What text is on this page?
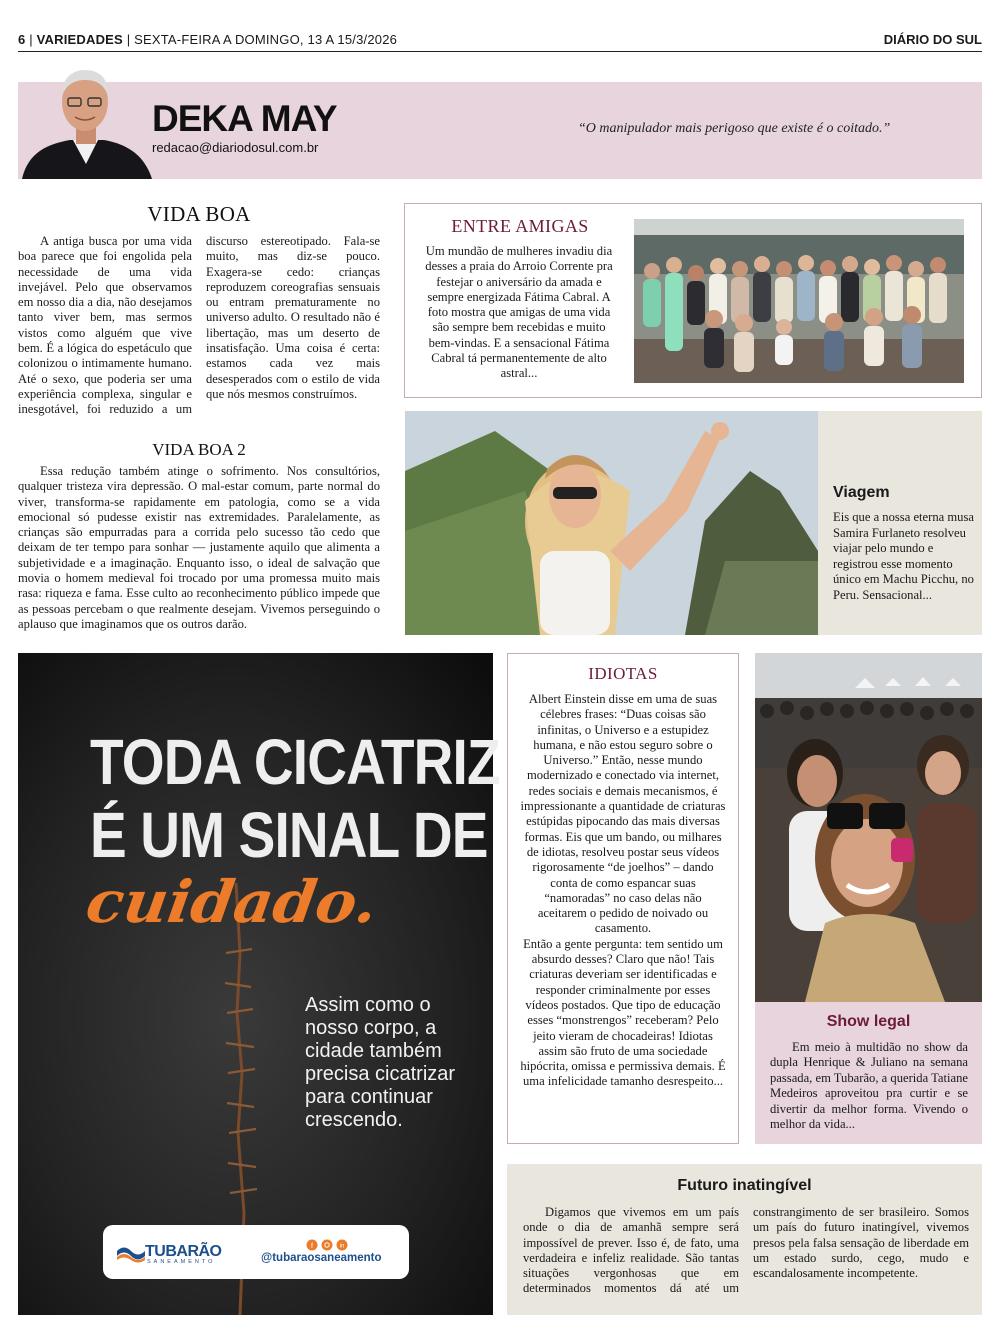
6 | VARIEDADES | SEXTA-FEIRA A DOMINGO, 13 A 15/3/2026	DIÁRIO DO SUL
DEKA MAY
redacao@diariodosul.com.br
“O manipulador mais perigoso que existe é o coitado.”
VIDA BOA
A antiga busca por uma vida boa parece que foi engolida pela necessidade de uma vida invejável. Pelo que observamos em nosso dia a dia, não desejamos tanto viver bem, mas sermos vistos como alguém que vive bem. É a lógica do espetáculo que colonizou o intimamente humano. Até o sexo, que poderia ser uma experiência complexa, singular e inesgotável, foi reduzido a um discurso estereotipado. Fala-se muito, mas diz-se pouco. Exagera-se cedo: crianças reproduzem coreografias sensuais ou entram prematuramente no universo adulto. O resultado não é libertação, mas um deserto de insatisfação. Uma coisa é certa: estamos cada vez mais desesperados com o estilo de vida que nós mesmos construímos.
VIDA BOA 2
Essa redução também atinge o sofrimento. Nos consultórios, qualquer tristeza vira depressão. O mal-estar comum, parte normal do viver, transforma-se rapidamente em patologia, como se a vida emocional só pudesse existir nas extremidades. Paralelamente, as crianças são empurradas para a corrida pelo sucesso tão cedo que deixam de ter tempo para sonhar — justamente aquilo que alimenta a subjetividade e a imaginação. Enquanto isso, o ideal de salvação que movia o homem medieval foi trocado por uma promessa muito mais rasa: riqueza e fama. Esse culto ao reconhecimento público impede que as pessoas percebam o que realmente desejam. Vivemos perseguindo o aplauso que imaginamos que os outros darão.
ENTRE AMIGAS
Um mundão de mulheres invadiu dia desses a praia do Arroio Corrente pra festejar o aniversário da amada e sempre energizada Fátima Cabral. A foto mostra que amigas de uma vida são sempre bem recebidas e muito bem-vindas. E a sensacional Fátima Cabral tá permanentemente de alto astral...
Viagem
Eis que a nossa eterna musa Samira Furlaneto resolveu viajar pelo mundo e registrou esse momento único em Machu Picchu, no Peru. Sensacional...
TODA CICATRIZ
É UM SINAL DE
cuidado.
Assim como o nosso corpo, a cidade também precisa cicatrizar para continuar crescendo.
TUBARÃO
SANEAMENTO
f	in
@tubaraosaneamento
IDIOTAS
Albert Einstein disse em uma de suas célebres frases: “Duas coisas são infinitas, o Universo e a estupidez humana, e não estou seguro sobre o Universo.” Então, nesse mundo modernizado e conectado via internet, redes sociais e demais mecanismos, é impressionante a quantidade de criaturas estúpidas pipocando das mais diversas formas. Eis que um bando, ou milhares de idiotas, resolveu postar seus vídeos rigorosamente “de joelhos” – dando conta de como espancar suas “namoradas” no caso delas não aceitarem o pedido de noivado ou casamento.
Então a gente pergunta: tem sentido um absurdo desses? Claro que não! Tais criaturas deveriam ser identificadas e responder criminalmente por esses vídeos postados. Que tipo de educação esses “monstrengos” receberam? Pelo jeito vieram de chocadeiras! Idiotas assim são fruto de uma sociedade hipócrita, omissa e permissiva demais. É uma infelicidade tamanho desrespeito...
Show legal
Em meio à multidão no show da dupla Henrique & Juliano na semana passada, em Tubarão, a querida Tatiane Medeiros aproveitou pra curtir e se divertir da melhor forma. Vivendo o melhor da vida...
Futuro inatingível
Digamos que vivemos em um país onde o dia de amanhã sempre será impossível de prever. Isso é, de fato, uma verdadeira e infeliz realidade. São tantas situações vergonhosas que em determinados momentos dá até um constrangimento de ser brasileiro. Somos um país do futuro inatingível, vivemos presos pela falsa sensação de liberdade em um estado surdo, cego, mudo e escandalosamente incompetente.
